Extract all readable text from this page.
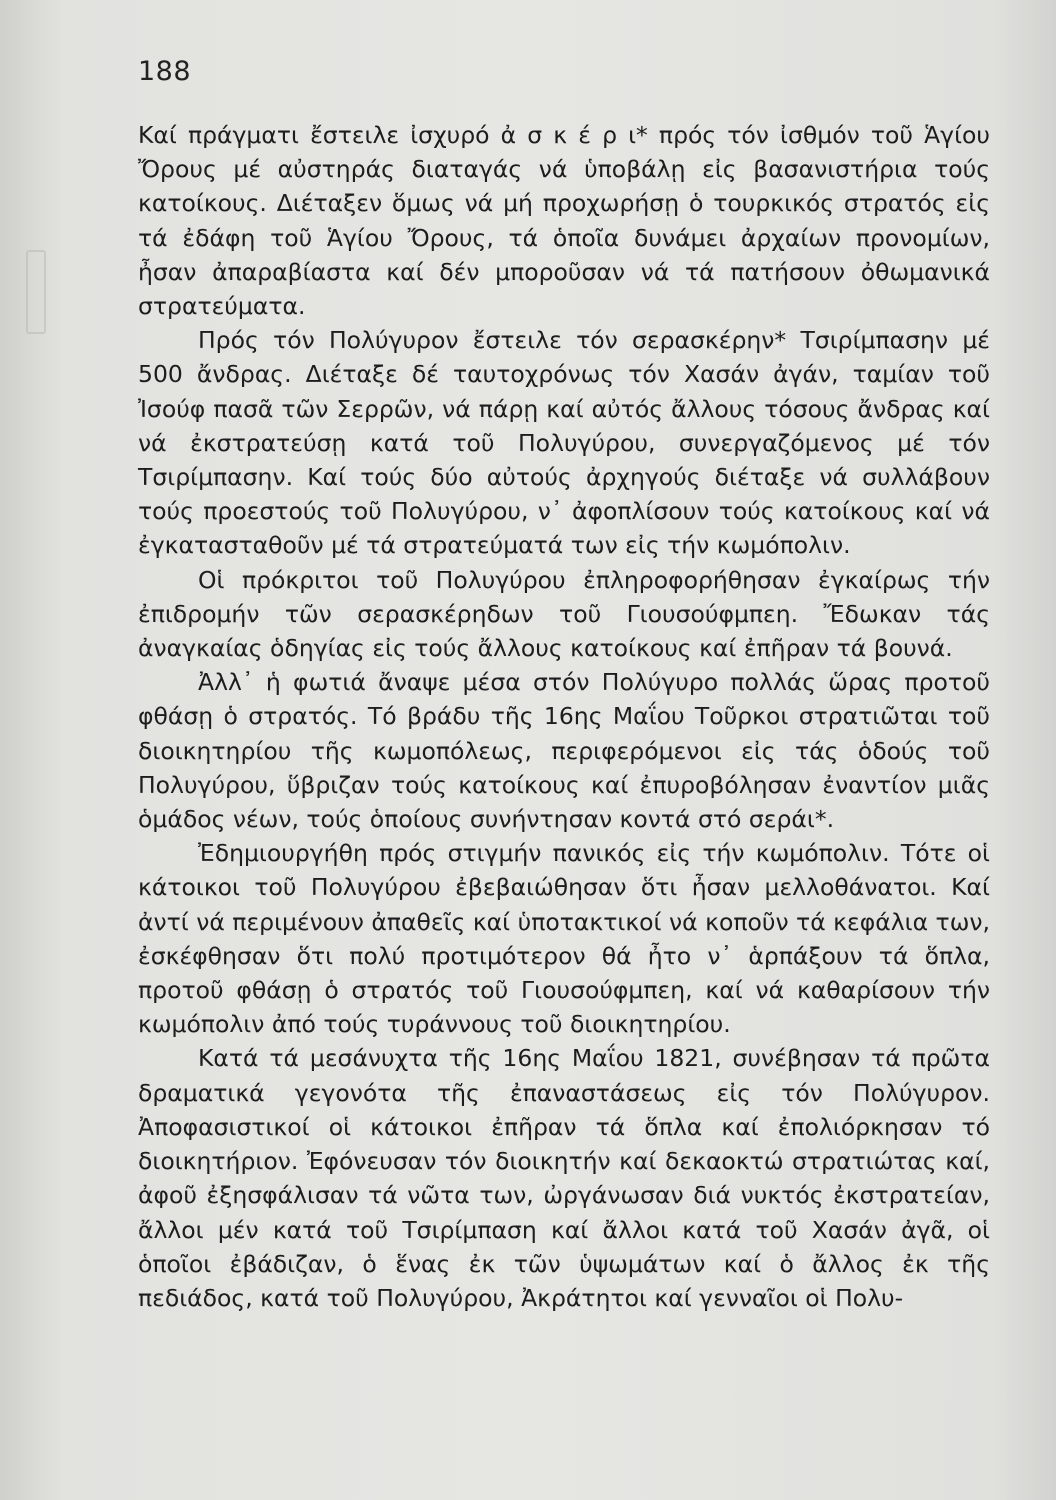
188

Καί πράγματι ἔστειλε ἰσχυρό ἀ σ κ έ ρ ι* πρός τόν ἰσθμόν τοῦ Ἁγίου Ὄρους μέ αὐστηράς διαταγάς νά ὑποβάλῃ εἰς βασανιστήρια τούς κατοίκους. Διέταξεν ὅμως νά μή προχωρήσῃ ὁ τουρκικός στρατός εἰς τά ἐδάφη τοῦ Ἁγίου Ὄρους, τά ὁποῖα δυνάμει ἀρχαίων προνομίων, ἦσαν ἀπαραβίαστα καί δέν μποροῦσαν νά τά πατήσουν ὀθωμανικά στρατεύματα.

Πρός τόν Πολύγυρον ἔστειλε τόν σερασκέρην* Τσιρίμπασην μέ 500 ἄνδρας. Διέταξε δέ ταυτοχρόνως τόν Χασάν ἀγάν, ταμίαν τοῦ Ἰσούφ πασᾶ τῶν Σερρῶν, νά πάρῃ καί αὐτός ἄλλους τόσους ἄνδρας καί νά ἐκστρατεύσῃ κατά τοῦ Πολυγύρου, συνεργαζόμενος μέ τόν Τσιρίμπασην. Καί τούς δύο αὐτούς ἀρχηγούς διέταξε νά συλλάβουν τούς προεστούς τοῦ Πολυγύρου, ν᾽ ἀφοπλίσουν τούς κατοίκους καί νά ἐγκατασταθοῦν μέ τά στρατεύματά των εἰς τήν κωμόπολιν.

Οἱ πρόκριτοι τοῦ Πολυγύρου ἐπληροφορήθησαν ἐγκαίρως τήν ἐπιδρομήν τῶν σερασκέρηδων τοῦ Γιουσούφμπεη. Ἔδωκαν τάς ἀναγκαίας ὁδηγίας εἰς τούς ἄλλους κατοίκους καί ἐπῆραν τά βουνά.

Ἀλλ᾽ ἡ φωτιά ἄναψε μέσα στόν Πολύγυρο πολλάς ὥρας προτοῦ φθάσῃ ὁ στρατός. Τό βράδυ τῆς 16ης Μαΐου Τοῦρκοι στρατιῶται τοῦ διοικητηρίου τῆς κωμοπόλεως, περιφερόμενοι εἰς τάς ὁδούς τοῦ Πολυγύρου, ὕβριζαν τούς κατοίκους καί ἐπυροβόλησαν ἐναντίον μιᾶς ὁμάδος νέων, τούς ὁποίους συνήντησαν κοντά στό σεράι*.

Ἐδημιουργήθη πρός στιγμήν πανικός εἰς τήν κωμόπολιν. Τότε οἱ κάτοικοι τοῦ Πολυγύρου ἐβεβαιώθησαν ὅτι ἦσαν μελλοθάνατοι. Καί ἀντί νά περιμένουν ἀπαθεῖς καί ὑποτακτικοί νά κοποῦν τά κεφάλια των, ἐσκέφθησαν ὅτι πολύ προτιμότερον θά ἦτο ν᾽ ἁρπάξουν τά ὅπλα, προτοῦ φθάσῃ ὁ στρατός τοῦ Γιουσούφμπεη, καί νά καθαρίσουν τήν κωμόπολιν ἀπό τούς τυράννους τοῦ διοικητηρίου.

Κατά τά μεσάνυχτα τῆς 16ης Μαΐου 1821, συνέβησαν τά πρῶτα δραματικά γεγονότα τῆς ἐπαναστάσεως εἰς τόν Πολύγυρον. Ἀποφασιστικοί οἱ κάτοικοι ἐπῆραν τά ὅπλα καί ἐπολιόρκησαν τό διοικητήριον. Ἐφόνευσαν τόν διοικητήν καί δεκαοκτώ στρατιώτας καί, ἀφοῦ ἐξησφάλισαν τά νῶτα των, ὠργάνωσαν διά νυκτός ἐκστρατείαν, ἄλλοι μέν κατά τοῦ Τσιρίμπαση καί ἄλλοι κατά τοῦ Χασάν ἀγᾶ, οἱ ὁποῖοι ἐβάδιζαν, ὁ ἕνας ἐκ τῶν ὑψωμάτων καί ὁ ἄλλος ἐκ τῆς πεδιάδος, κατά τοῦ Πολυγύρου, Ἀκράτητοι καί γενναῖοι οἱ Πολυ-
